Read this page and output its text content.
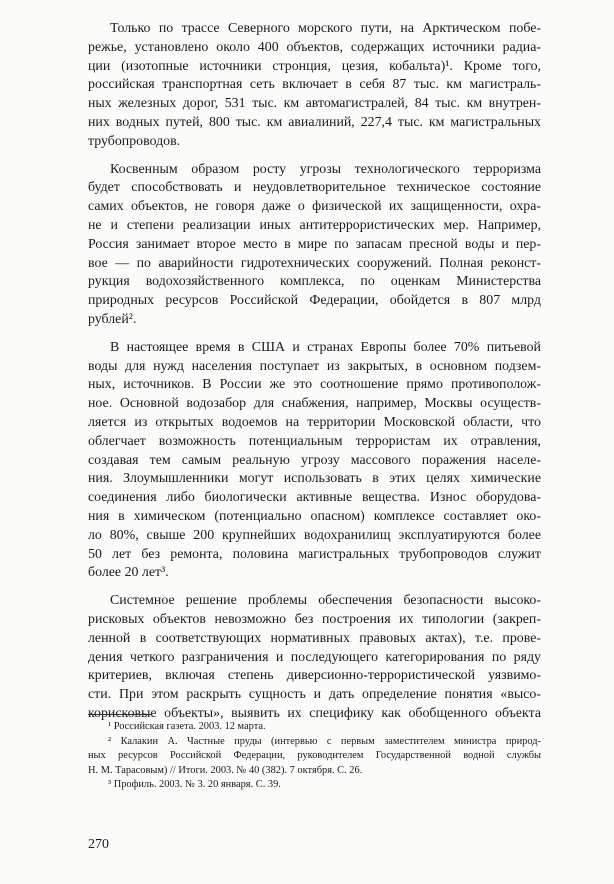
Только по трассе Северного морского пути, на Арктическом побе-
режье, установлено около 400 объектов, содержащих источники радиа-
ции (изотопные источники стронция, цезия, кобальта)¹. Кроме того,
российская транспортная сеть включает в себя 87 тыс. км магистраль-
ных железных дорог, 531 тыс. км автомагистралей, 84 тыс. км внутрен-
них водных путей, 800 тыс. км авиалиний, 227,4 тыс. км магистральных
трубопроводов.
Косвенным образом росту угрозы технологического терроризма
будет способствовать и неудовлетворительное техническое состояние
самих объектов, не говоря даже о физической их защищенности, охра-
не и степени реализации иных антитеррористических мер. Например,
Россия занимает второе место в мире по запасам пресной воды и пер-
вое — по аварийности гидротехнических сооружений. Полная реконст-
рукция водохозяйственного комплекса, по оценкам Министерства
природных ресурсов Российской Федерации, обойдется в 807 млрд
рублей².
В настоящее время в США и странах Европы более 70% питьевой
воды для нужд населения поступает из закрытых, в основном подзем-
ных, источников. В России же это соотношение прямо противополож-
ное. Основной водозабор для снабжения, например, Москвы осуществ-
ляется из открытых водоемов на территории Московской области, что
облегчает возможность потенциальным террористам их отравления,
создавая тем самым реальную угрозу массового поражения населе-
ния. Злоумышленники могут использовать в этих целях химические
соединения либо биологически активные вещества. Износ оборудова-
ния в химическом (потенциально опасном) комплексе составляет око-
ло 80%, свыше 200 крупнейших водохранилищ эксплуатируются более
50 лет без ремонта, половина магистральных трубопроводов служит
более 20 лет³.
Системное решение проблемы обеспечения безопасности высоко-
рисковых объектов невозможно без построения их типологии (закреп-
ленной в соответствующих нормативных правовых актах), т.е. прове-
дения четкого разграничения и последующего категорирования по ряду
критериев, включая степень диверсионно-террористической уязвимо-
сти. При этом раскрыть сущность и дать определение понятия «высо-
корисковые объекты», выявить их специфику как обобщенного объекта
¹ Российская газета. 2003. 12 марта.
² Калакин А. Частные пруды (интервью с первым заместителем министра природ-
ных ресурсов Российской Федерации, руководителем Государственной водной службы
Н. М. Тарасовым) // Итоги. 2003. № 40 (382). 7 октября. С. 26.
³ Профиль. 2003. № 3. 20 января. С. 39.
270
